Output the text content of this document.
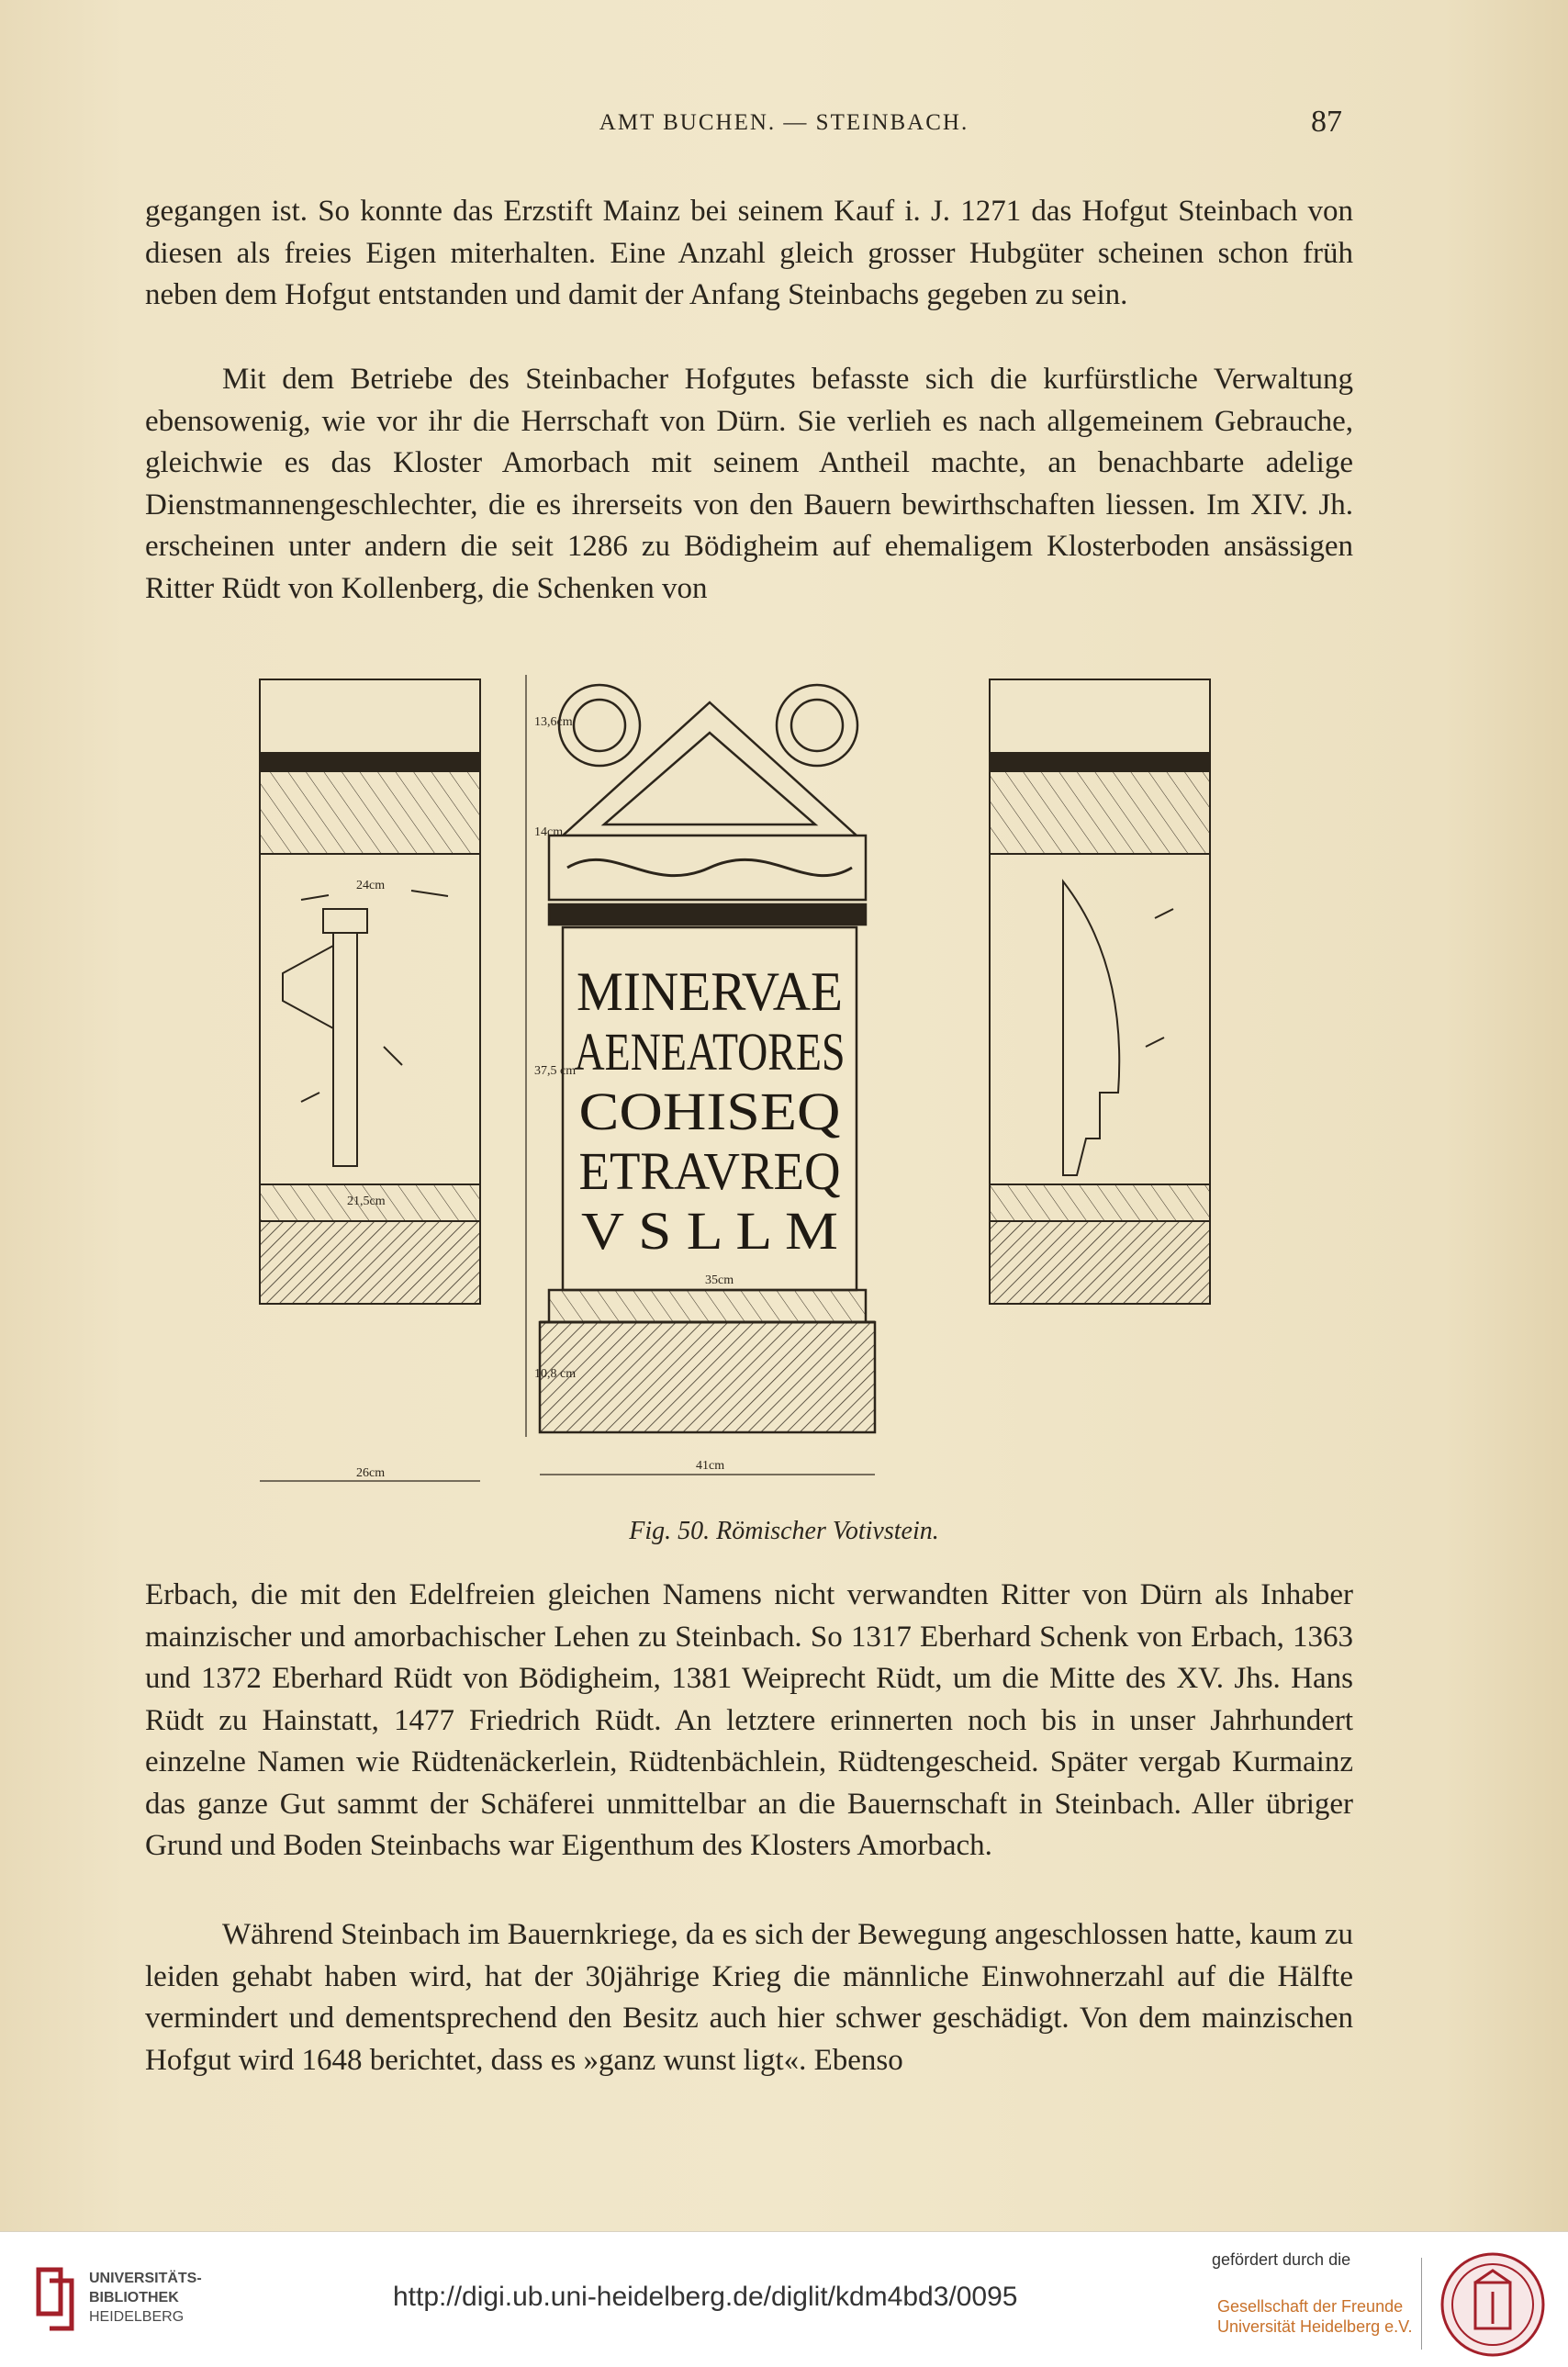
AMT BUCHEN. — STEINBACH.	87

gegangen ist. So konnte das Erzstift Mainz bei seinem Kauf i. J. 1271 das Hofgut Steinbach von diesen als freies Eigen miterhalten. Eine Anzahl gleich grosser Hubgüter scheinen schon früh neben dem Hofgut entstanden und damit der Anfang Steinbachs gegeben zu sein.

Mit dem Betriebe des Steinbacher Hofgutes befasste sich die kurfürstliche Verwaltung ebensowenig, wie vor ihr die Herrschaft von Dürn. Sie verlieh es nach allgemeinem Gebrauche, gleichwie es das Kloster Amorbach mit seinem Antheil machte, an benachbarte adelige Dienstmannengeschlechter, die es ihrerseits von den Bauern bewirthschaften liessen. Im XIV. Jh. erscheinen unter andern die seit 1286 zu Bödigheim auf ehemaligem Klosterboden ansässigen Ritter Rüdt von Kollenberg, die Schenken von

MINERVAE
AENEATORES
COHISEQ
ETRAVREQ
V S L L M
13,6cm
14cm
37,5 cm
10,8 cm
24cm
21,5cm
26cm
35cm
41cm
Fig. 50. Römischer Votivstein.

Erbach, die mit den Edelfreien gleichen Namens nicht verwandten Ritter von Dürn als Inhaber mainzischer und amorbachischer Lehen zu Steinbach. So 1317 Eberhard Schenk von Erbach, 1363 und 1372 Eberhard Rüdt von Bödigheim, 1381 Weiprecht Rüdt, um die Mitte des XV. Jhs. Hans Rüdt zu Hainstatt, 1477 Friedrich Rüdt. An letztere erinnerten noch bis in unser Jahrhundert einzelne Namen wie Rüdtenäckerlein, Rüdtenbächlein, Rüdtengescheid. Später vergab Kurmainz das ganze Gut sammt der Schäferei unmittelbar an die Bauernschaft in Steinbach. Aller übriger Grund und Boden Steinbachs war Eigenthum des Klosters Amorbach.

Während Steinbach im Bauernkriege, da es sich der Bewegung angeschlossen hatte, kaum zu leiden gehabt haben wird, hat der 30jährige Krieg die männliche Einwohnerzahl auf die Hälfte vermindert und dementsprechend den Besitz auch hier schwer geschädigt. Von dem mainzischen Hofgut wird 1648 berichtet, dass es »ganz wunst ligt«. Ebenso

UNIVERSITÄTS-
BIBLIOTHEK
HEIDELBERG
http://digi.ub.uni-heidelberg.de/diglit/kdm4bd3/0095
gefördert durch die
Gesellschaft der Freunde
Universität Heidelberg e.V.
